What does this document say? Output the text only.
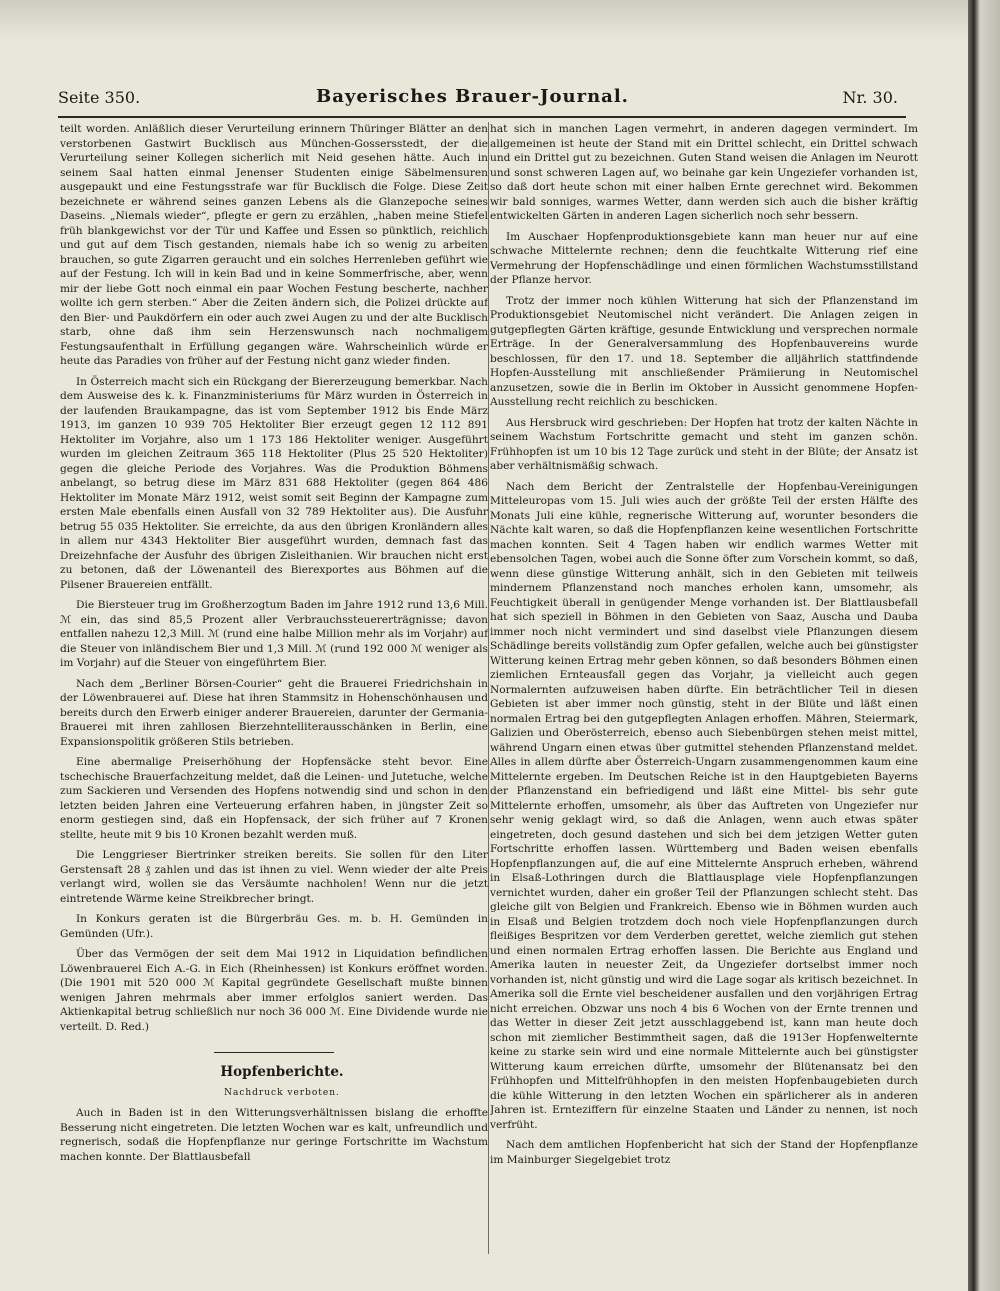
Seite 350.	Bayerisches Brauer-Journal.	Nr. 30.

teilt worden. Anläßlich dieser Verurteilung erinnern Thüringer Blätter an den verstorbenen Gastwirt Bucklisch aus München-Gossersstedt, der die Verurteilung seiner Kollegen sicherlich mit Neid gesehen hätte. Auch in seinem Saal hatten einmal Jenenser Studenten einige Säbelmensuren ausgepaukt und eine Festungsstrafe war für Bucklisch die Folge. Diese Zeit bezeichnete er während seines ganzen Lebens als die Glanzepoche seines Daseins. „Niemals wieder“, pflegte er gern zu erzählen, „haben meine Stiefel früh blankgewichst vor der Tür und Kaffee und Essen so pünktlich, reichlich und gut auf dem Tisch gestanden, niemals habe ich so wenig zu arbeiten brauchen, so gute Zigarren geraucht und ein solches Herrenleben geführt wie auf der Festung. Ich will in kein Bad und in keine Sommerfrische, aber, wenn mir der liebe Gott noch einmal ein paar Wochen Festung bescherte, nachher wollte ich gern sterben.“ Aber die Zeiten ändern sich, die Polizei drückte auf den Bier- und Paukdörfern ein oder auch zwei Augen zu und der alte Bucklisch starb, ohne daß ihm sein Herzenswunsch nach nochmaligem Festungsaufenthalt in Erfüllung gegangen wäre. Wahrscheinlich würde er heute das Paradies von früher auf der Festung nicht ganz wieder finden.

In Österreich macht sich ein Rückgang der Biererzeugung bemerkbar. Nach dem Ausweise des k. k. Finanzministeriums für März wurden in Österreich in der laufenden Braukampagne, das ist vom September 1912 bis Ende März 1913, im ganzen 10 939 705 Hektoliter Bier erzeugt gegen 12 112 891 Hektoliter im Vorjahre, also um 1 173 186 Hektoliter weniger. Ausgeführt wurden im gleichen Zeitraum 365 118 Hektoliter (Plus 25 520 Hektoliter) gegen die gleiche Periode des Vorjahres. Was die Produktion Böhmens anbelangt, so betrug diese im März 831 688 Hektoliter (gegen 864 486 Hektoliter im Monate März 1912, weist somit seit Beginn der Kampagne zum ersten Male ebenfalls einen Ausfall von 32 789 Hektoliter aus). Die Ausfuhr betrug 55 035 Hektoliter. Sie erreichte, da aus den übrigen Kronländern alles in allem nur 4343 Hektoliter Bier ausgeführt wurden, demnach fast das Dreizehnfache der Ausfuhr des übrigen Zisleithanien. Wir brauchen nicht erst zu betonen, daß der Löwenanteil des Bierexportes aus Böhmen auf die Pilsener Brauereien entfällt.

Die Biersteuer trug im Großherzogtum Baden im Jahre 1912 rund 13,6 Mill. ℳ ein, das sind 85,5 Prozent aller Verbrauchssteuererträgnisse; davon entfallen nahezu 12,3 Mill. ℳ (rund eine halbe Million mehr als im Vorjahr) auf die Steuer von inländischem Bier und 1,3 Mill. ℳ (rund 192 000 ℳ weniger als im Vorjahr) auf die Steuer von eingeführtem Bier.

Nach dem „Berliner Börsen-Courier“ geht die Brauerei Friedrichshain in der Löwenbrauerei auf. Diese hat ihren Stammsitz in Hohenschönhausen und bereits durch den Erwerb einiger anderer Brauereien, darunter der Germania-Brauerei mit ihren zahllosen Bierzehntelliterausschänken in Berlin, eine Expansionspolitik größeren Stils betrieben.

Eine abermalige Preiserhöhung der Hopfensäcke steht bevor. Eine tschechische Brauerfachzeitung meldet, daß die Leinen- und Jutetuche, welche zum Sackieren und Versenden des Hopfens notwendig sind und schon in den letzten beiden Jahren eine Verteuerung erfahren haben, in jüngster Zeit so enorm gestiegen sind, daß ein Hopfensack, der sich früher auf 7 Kronen stellte, heute mit 9 bis 10 Kronen bezahlt werden muß.

Die Lenggrieser Biertrinker streiken bereits. Sie sollen für den Liter Gerstensaft 28 ₰ zahlen und das ist ihnen zu viel. Wenn wieder der alte Preis verlangt wird, wollen sie das Versäumte nachholen! Wenn nur die jetzt eintretende Wärme keine Streikbrecher bringt.

In Konkurs geraten ist die Bürgerbräu Ges. m. b. H. Gemünden in Gemünden (Ufr.).

Über das Vermögen der seit dem Mai 1912 in Liquidation befindlichen Löwenbrauerei Eich A.-G. in Eich (Rheinhessen) ist Konkurs eröffnet worden. (Die 1901 mit 520 000 ℳ Kapital gegründete Gesellschaft mußte binnen wenigen Jahren mehrmals aber immer erfolglos saniert werden. Das Aktienkapital betrug schließlich nur noch 36 000 ℳ. Eine Dividende wurde nie verteilt. D. Red.)

Hopfenberichte.

Nachdruck verboten.

Auch in Baden ist in den Witterungsverhältnissen bislang die erhoffte Besserung nicht eingetreten. Die letzten Wochen war es kalt, unfreundlich und regnerisch, sodaß die Hopfenpflanze nur geringe Fortschritte im Wachstum machen konnte. Der Blattlausbefall

hat sich in manchen Lagen vermehrt, in anderen dagegen vermindert. Im allgemeinen ist heute der Stand mit ein Drittel schlecht, ein Drittel schwach und ein Drittel gut zu bezeichnen. Guten Stand weisen die Anlagen im Neurott und sonst schweren Lagen auf, wo beinahe gar kein Ungeziefer vorhanden ist, so daß dort heute schon mit einer halben Ernte gerechnet wird. Bekommen wir bald sonniges, warmes Wetter, dann werden sich auch die bisher kräftig entwickelten Gärten in anderen Lagen sicherlich noch sehr bessern.

Im Auschaer Hopfenproduktionsgebiete kann man heuer nur auf eine schwache Mittelernte rechnen; denn die feuchtkalte Witterung rief eine Vermehrung der Hopfenschädlinge und einen förmlichen Wachstumsstillstand der Pflanze hervor.

Trotz der immer noch kühlen Witterung hat sich der Pflanzenstand im Produktionsgebiet Neutomischel nicht verändert. Die Anlagen zeigen in gutgepflegten Gärten kräftige, gesunde Entwicklung und versprechen normale Erträge. In der Generalversammlung des Hopfenbauvereins wurde beschlossen, für den 17. und 18. September die alljährlich stattfindende Hopfen-Ausstellung mit anschließender Prämiierung in Neutomischel anzusetzen, sowie die in Berlin im Oktober in Aussicht genommene Hopfen-Ausstellung recht reichlich zu beschicken.

Aus Hersbruck wird geschrieben: Der Hopfen hat trotz der kalten Nächte in seinem Wachstum Fortschritte gemacht und steht im ganzen schön. Frühhopfen ist um 10 bis 12 Tage zurück und steht in der Blüte; der Ansatz ist aber verhältnismäßig schwach.

Nach dem Bericht der Zentralstelle der Hopfenbau-Vereinigungen Mitteleuropas vom 15. Juli wies auch der größte Teil der ersten Hälfte des Monats Juli eine kühle, regnerische Witterung auf, worunter besonders die Nächte kalt waren, so daß die Hopfenpflanzen keine wesentlichen Fortschritte machen konnten. Seit 4 Tagen haben wir endlich warmes Wetter mit ebensolchen Tagen, wobei auch die Sonne öfter zum Vorschein kommt, so daß, wenn diese günstige Witterung anhält, sich in den Gebieten mit teilweis mindernem Pflanzenstand noch manches erholen kann, umsomehr, als Feuchtigkeit überall in genügender Menge vorhanden ist. Der Blattlausbefall hat sich speziell in Böhmen in den Gebieten von Saaz, Auscha und Dauba immer noch nicht vermindert und sind daselbst viele Pflanzungen diesem Schädlinge bereits vollständig zum Opfer gefallen, welche auch bei günstigster Witterung keinen Ertrag mehr geben können, so daß besonders Böhmen einen ziemlichen Ernteausfall gegen das Vorjahr, ja vielleicht auch gegen Normalernten aufzuweisen haben dürfte. Ein beträchtlicher Teil in diesen Gebieten ist aber immer noch günstig, steht in der Blüte und läßt einen normalen Ertrag bei den gutgepflegten Anlagen erhoffen. Mähren, Steiermark, Galizien und Oberösterreich, ebenso auch Siebenbürgen stehen meist mittel, während Ungarn einen etwas über gutmittel stehenden Pflanzenstand meldet. Alles in allem dürfte aber Österreich-Ungarn zusammengenommen kaum eine Mittelernte ergeben. Im Deutschen Reiche ist in den Hauptgebieten Bayerns der Pflanzenstand ein befriedigend und läßt eine Mittel- bis sehr gute Mittelernte erhoffen, umsomehr, als über das Auftreten von Ungeziefer nur sehr wenig geklagt wird, so daß die Anlagen, wenn auch etwas später eingetreten, doch gesund dastehen und sich bei dem jetzigen Wetter guten Fortschritte erhoffen lassen. Württemberg und Baden weisen ebenfalls Hopfenpflanzungen auf, die auf eine Mittelernte Anspruch erheben, während in Elsaß-Lothringen durch die Blattlausplage viele Hopfenpflanzungen vernichtet wurden, daher ein großer Teil der Pflanzungen schlecht steht. Das gleiche gilt von Belgien und Frankreich. Ebenso wie in Böhmen wurden auch in Elsaß und Belgien trotzdem doch noch viele Hopfenpflanzungen durch fleißiges Bespritzen vor dem Verderben gerettet, welche ziemlich gut stehen und einen normalen Ertrag erhoffen lassen. Die Berichte aus England und Amerika lauten in neuester Zeit, da Ungeziefer dortselbst immer noch vorhanden ist, nicht günstig und wird die Lage sogar als kritisch bezeichnet. In Amerika soll die Ernte viel bescheidener ausfallen und den vorjährigen Ertrag nicht erreichen. Obzwar uns noch 4 bis 6 Wochen von der Ernte trennen und das Wetter in dieser Zeit jetzt ausschlaggebend ist, kann man heute doch schon mit ziemlicher Bestimmtheit sagen, daß die 1913er Hopfenwelternte keine zu starke sein wird und eine normale Mittelernte auch bei günstigster Witterung kaum erreichen dürfte, umsomehr der Blütenansatz bei den Frühhopfen und Mittelfrühhopfen in den meisten Hopfenbaugebieten durch die kühle Witterung in den letzten Wochen ein spärlicherer als in anderen Jahren ist. Ernteziffern für einzelne Staaten und Länder zu nennen, ist noch verfrüht.

Nach dem amtlichen Hopfenbericht hat sich der Stand der Hopfenpflanze im Mainburger Siegelgebiet trotz
